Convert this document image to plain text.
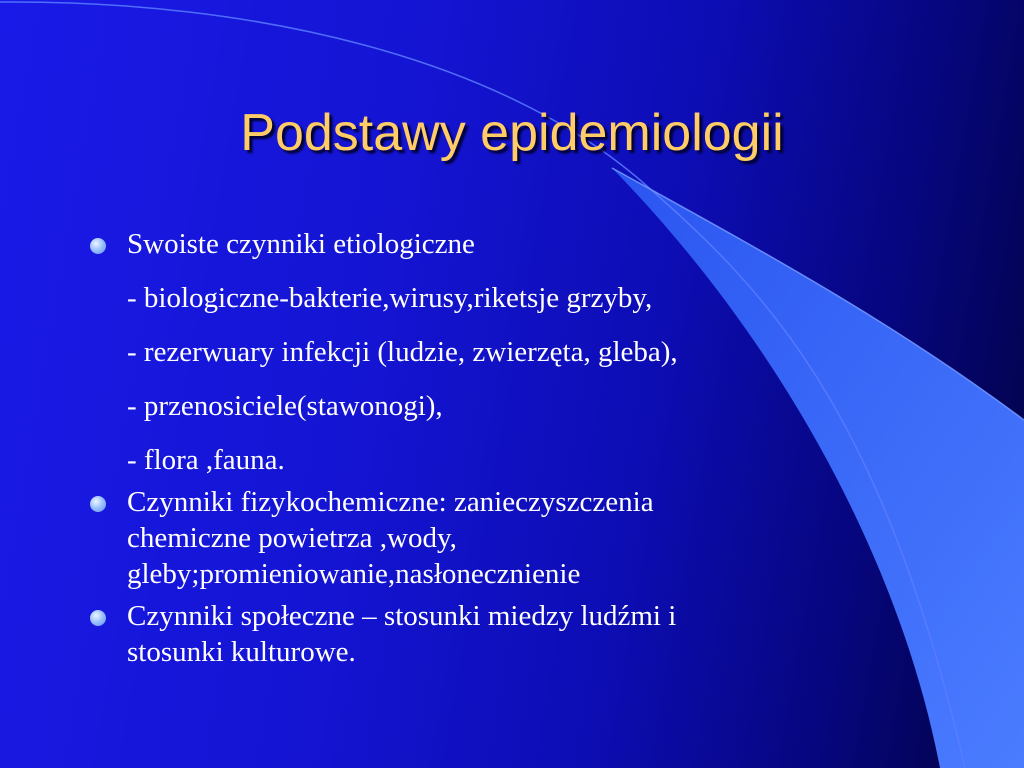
Podstawy epidemiologii
Swoiste czynniki etiologiczne
- biologiczne-bakterie,wirusy,riketsje grzyby,
- rezerwuary infekcji (ludzie, zwierzęta, gleba),
- przenosiciele(stawonogi),
- flora ,fauna.
Czynniki fizykochemiczne: zanieczyszczenia
chemiczne powietrza ,wody,
gleby;promieniowanie,nasłonecznienie
Czynniki społeczne – stosunki miedzy ludźmi i
stosunki kulturowe.
